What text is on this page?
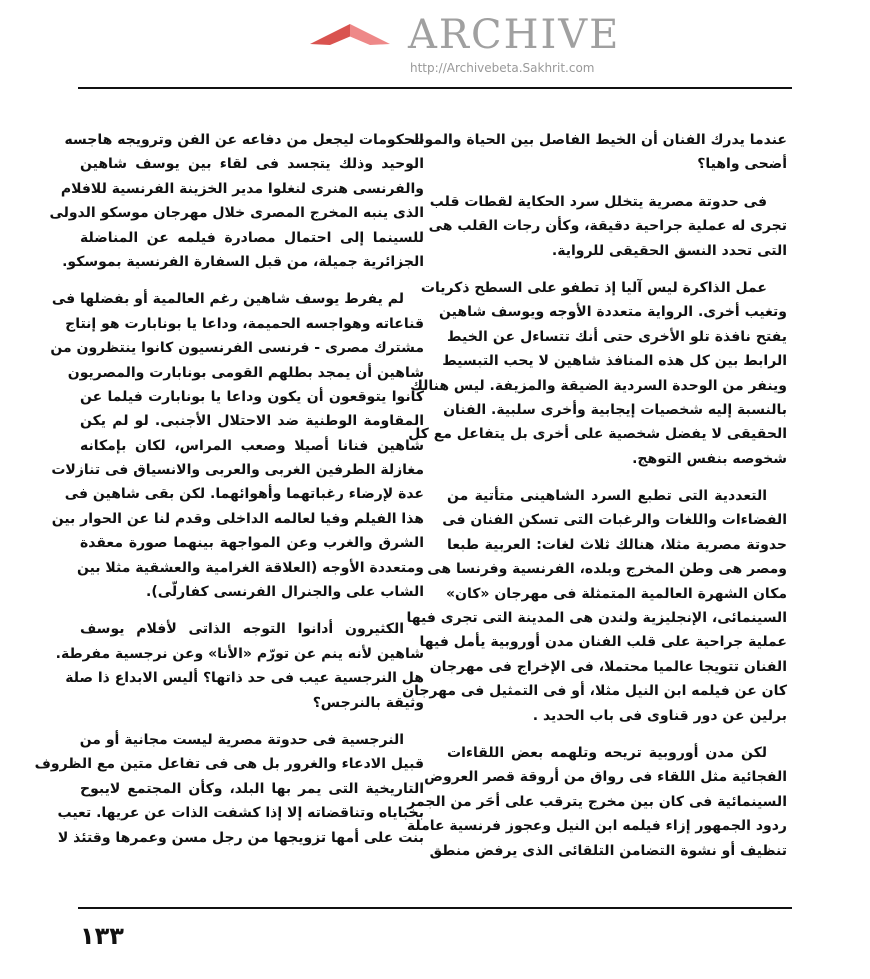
عندما يدرك الفنان أن الخيط الفاصل بين الحياة والموت
أضحى واهيا؟
فى حدوتة مصرية يتخلل سرد الحكاية لقطات قلب
تجرى له عملية جراحية دقيقة، وكأن رجات القلب هى
التى تحدد النسق الحقيقى للرواية.
عمل الذاكرة ليس آليا إذ تطفو على السطح ذكريات
وتغيب أخرى. الرواية متعددة الأوجه ويوسف شاهين
يفتح نافذة تلو الأخرى حتى أنك تتساءل عن الخيط
الرابط بين كل هذه المنافذ شاهين لا يحب التبسيط
وينفر من الوحدة السردية الضيقة والمزيفة. ليس هنالك
بالنسبة إليه شخصيات إيجابية وأخرى سلبية. الفنان
الحقيقى لا يفضل شخصية على أخرى بل يتفاعل مع كل
شخوصه بنفس التوهج.
التعددية التى تطبع السرد الشاهينى متأتية من
الفضاءات واللغات والرغبات التى تسكن الفنان فى
حدوتة مصرية مثلا، هنالك ثلاث لغات: العربية طبعا
ومصر هى وطن المخرج وبلده، الفرنسية وفرنسا هى
مكان الشهرة العالمية المتمثلة فى مهرجان «كان»
السينمائى، الإنجليزية ولندن هى المدينة التى تجرى فيها
عملية جراحية على قلب الفنان مدن أوروبية يأمل فيها
الفنان تتويجا عالميا محتملا، فى الإخراج فى مهرجان
كان عن فيلمه ابن النيل مثلا، أو فى التمثيل فى مهرجان
برلين عن دور قناوى فى باب الحديد .
لكن مدن أوروبية تريحه وتلهمه بعض اللقاءات
الفجائية مثل اللقاء فى رواق من أروقة قصر العروض
السينمائية فى كان بين مخرج يترقب على أحَر من الجمر
ردود الجمهور إزاء فيلمه ابن النيل وعجوز فرنسية عاملة
تنظيف أو نشوة التضامن التلقائى الذى يرفض منطق
الحكومات ليجعل من دفاعه عن الفن وترويجه هاجسه
الوحيد وذلك يتجسد فى لقاء بين يوسف شاهين
والفرنسى هنرى لنغلوا مدير الخزينة الفرنسية للافلام
الذى ينبه المخرج المصرى خلال مهرجان موسكو الدولى
للسينما إلى احتمال مصادرة فيلمه عن المناضلة
الجزائرية جميلة، من قبل السفارة الفرنسية بموسكو.
لم يفرط يوسف شاهين رغم العالمية أو بفضلها فى
قناعاته وهواجسه الحميمة، وداعا يا بونابارت هو إنتاج
مشترك مصرى - فرنسى الفرنسيون كانوا ينتظرون من
شاهين أن يمجد بطلهم القومى بونابارت والمصريون
كانوا يتوقعون أن يكون وداعا يا بونابارت فيلما عن
المقاومة الوطنية ضد الاحتلال الأجنبى. لو لم يكن
شاهين فنانا أصيلا وصعب المراس، لكان بإمكانه
مغازلة الطرفين الغربى والعربى والانسياق فى تنازلات
عدة لإرضاء رغباتهما وأهوائهما. لكن بقى شاهين فى
هذا الفيلم وفيا لعالمه الداخلى وقدم لنا عن الحوار بين
الشرق والغرب وعن المواجهة بينهما صورة معقدة
ومتعددة الأوجه (العلاقة الغرامية والعشقية مثلا بين
الشاب على والجنرال الفرنسى كفارلّى).
الكثيرون أدانوا التوجه الذاتى لأفلام يوسف
شاهين لأنه ينم عن تورّم «الأنا» وعن نرجسية مفرطة.
هل النرجسية عيب فى حد ذاتها؟ أليس الابداع ذا صلة
وثيقة بالنرجس؟
النرجسية فى حدوتة مصرية ليست مجانية أو من
قبيل الادعاء والغرور بل هى فى تفاعل متين مع الظروف
التاريخية التى يمر بها البلد، وكأن المجتمع لايبوح
بخباياه وتناقضاته إلا إذا كشفت الذات عن عريها. تعيب
بنت على أمها تزويجها من رجل مسن وعمرها وقتئذ لا
ARCHIVE
http://Archivebeta.Sakhrit.com
١٣٣
